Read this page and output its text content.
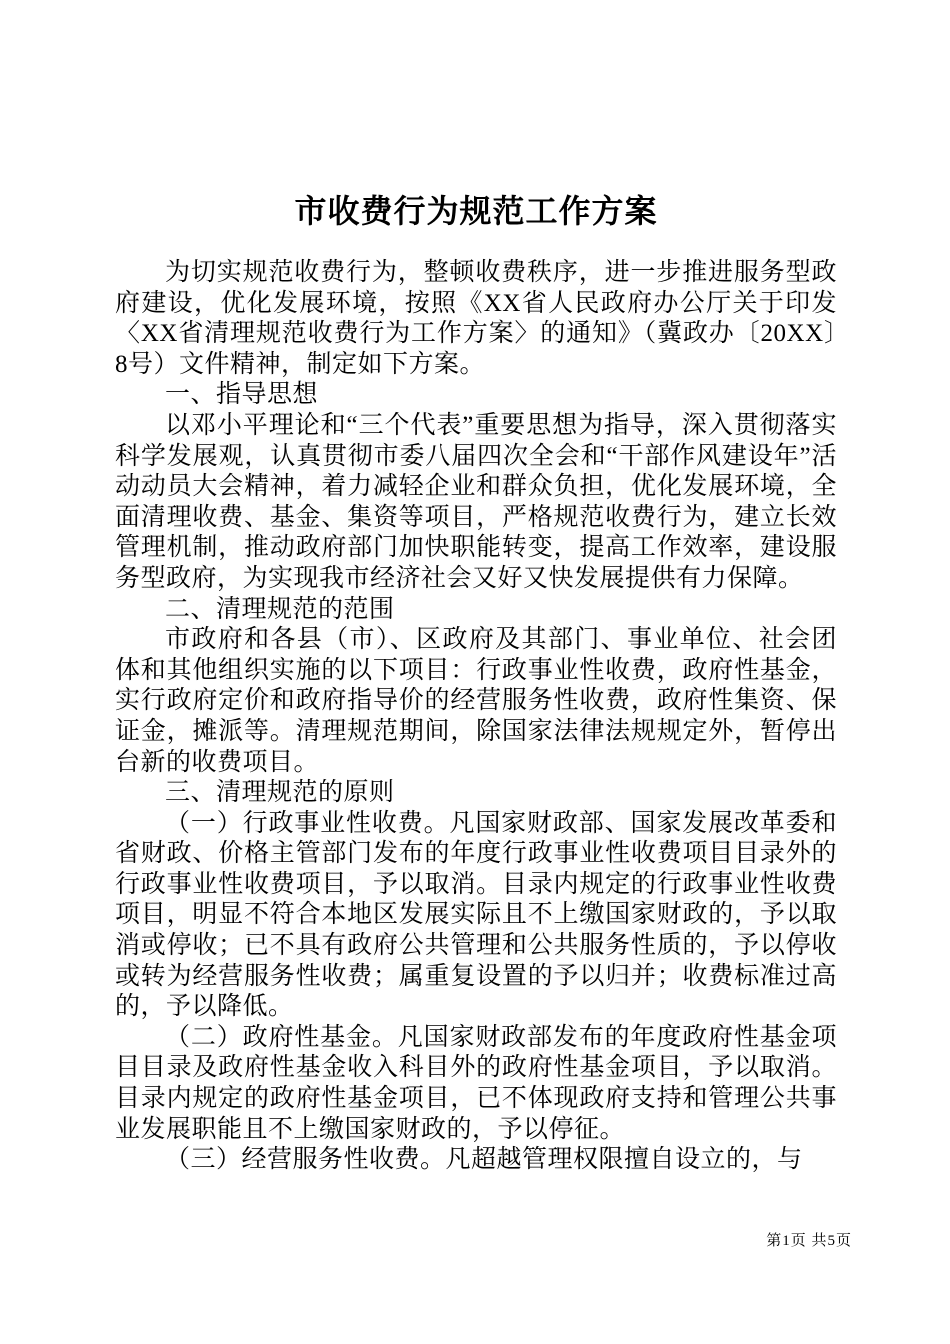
市收费行为规范工作方案

为切实规范收费行为，整顿收费秩序，进一步推进服务型政府建设，优化发展环境，按照《XX省人民政府办公厅关于印发〈XX省清理规范收费行为工作方案〉的通知》（冀政办〔20XX〕8号）文件精神，制定如下方案。

一、指导思想

以邓小平理论和“三个代表”重要思想为指导，深入贯彻落实科学发展观，认真贯彻市委八届四次全会和“干部作风建设年”活动动员大会精神，着力减轻企业和群众负担，优化发展环境，全面清理收费、基金、集资等项目，严格规范收费行为，建立长效管理机制，推动政府部门加快职能转变，提高工作效率，建设服务型政府，为实现我市经济社会又好又快发展提供有力保障。

二、清理规范的范围

市政府和各县（市）、区政府及其部门、事业单位、社会团体和其他组织实施的以下项目：行政事业性收费，政府性基金，实行政府定价和政府指导价的经营服务性收费，政府性集资、保证金，摊派等。清理规范期间，除国家法律法规规定外，暂停出台新的收费项目。

三、清理规范的原则

（一）行政事业性收费。凡国家财政部、国家发展改革委和省财政、价格主管部门发布的年度行政事业性收费项目目录外的行政事业性收费项目，予以取消。目录内规定的行政事业性收费项目，明显不符合本地区发展实际且不上缴国家财政的，予以取消或停收；已不具有政府公共管理和公共服务性质的，予以停收或转为经营服务性收费；属重复设置的予以归并；收费标准过高的，予以降低。

（二）政府性基金。凡国家财政部发布的年度政府性基金项目目录及政府性基金收入科目外的政府性基金项目，予以取消。目录内规定的政府性基金项目，已不体现政府支持和管理公共事业发展职能且不上缴国家财政的，予以停征。

（三）经营服务性收费。凡超越管理权限擅自设立的，与

第1页 共5页
